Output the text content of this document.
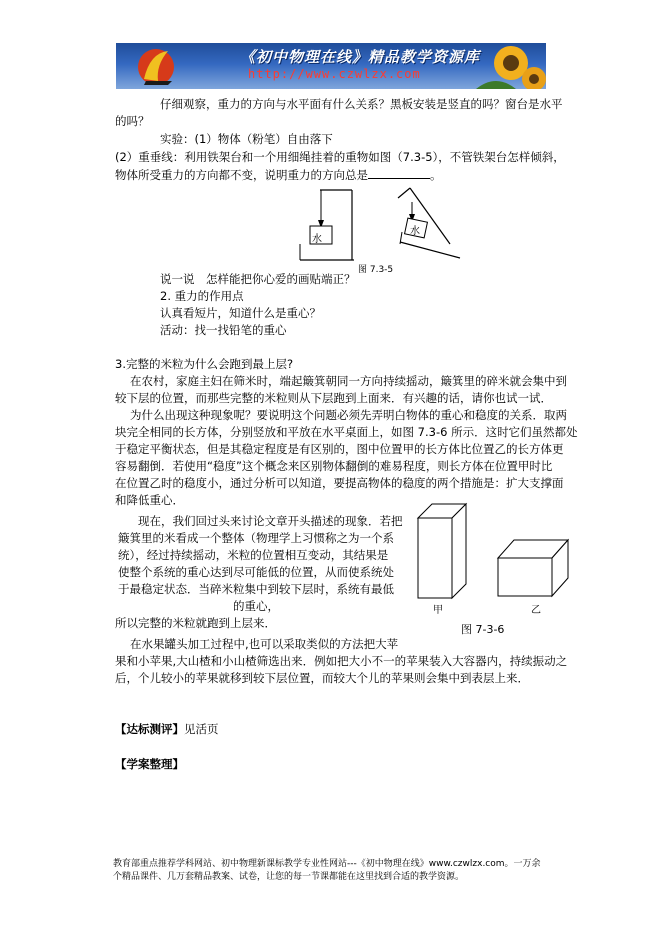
《初中物理在线》精品教学资源库
http://www.czwlzx.com
仔细观察，重力的方向与水平面有什么关系？黑板安装是竖直的吗？窗台是水平
的吗？
实验：(1）物体（粉笔）自由落下
(2）重垂线：利用铁架台和一个用细绳挂着的重物如图（7.3-5），不管铁架台怎样倾斜，
物体所受重力的方向都不变，说明重力的方向总是	。
水
水
图 7.3-5
说一说　怎样能把你心爱的画贴端正？
2. 重力的作用点
认真看短片，知道什么是重心？
活动：找一找铅笔的重心
3.完整的米粒为什么会跑到最上层?
在农村，家庭主妇在筛米时，端起簸箕朝同一方向持续摇动，簸箕里的碎米就会集中到
较下层的位置，而那些完整的米粒则从下层跑到上面来．有兴趣的话，请你也试一试．
为什么出现这种现象呢？要说明这个问题必须先弄明白物体的重心和稳度的关系．取两
块完全相同的长方体，分别竖放和平放在水平桌面上，如图 7.3-6 所示．这时它们虽然都处
于稳定平衡状态，但是其稳定程度是有区别的，图中位置甲的长方体比位置乙的长方体更
容易翻倒．若使用“稳度”这个概念来区别物体翻倒的难易程度，则长方体在位置甲时比
在位置乙时的稳度小，通过分析可以知道，要提高物体的稳度的两个措施是：扩大支撑面
和降低重心．
现在，我们回过头来讨论文章开头描述的现象．若把
簸箕里的米看成一个整体（物理学上习惯称之为一个系
统），经过持续摇动，米粒的位置相互变动，其结果是
使整个系统的重心达到尽可能低的位置，从而使系统处
于最稳定状态．当碎米粒集中到较下层时，系统有最低
的重心，
所以完整的米粒就跑到上层来．
甲	乙
图 7-3-6
在水果罐头加工过程中,也可以采取类似的方法把大苹
果和小苹果,大山楂和小山楂筛选出来．例如把大小不一的苹果装入大容器内，持续振动之
后，个儿较小的苹果就移到较下层位置，而较大个儿的苹果则会集中到表层上来．
【达标测评】见活页
【学案整理】
教育部重点推荐学科网站、初中物理新课标教学专业性网站---《初中物理在线》www.czwlzx.com。一万余
个精品课件、几万套精品教案、试卷，让您的每一节课都能在这里找到合适的教学资源。
